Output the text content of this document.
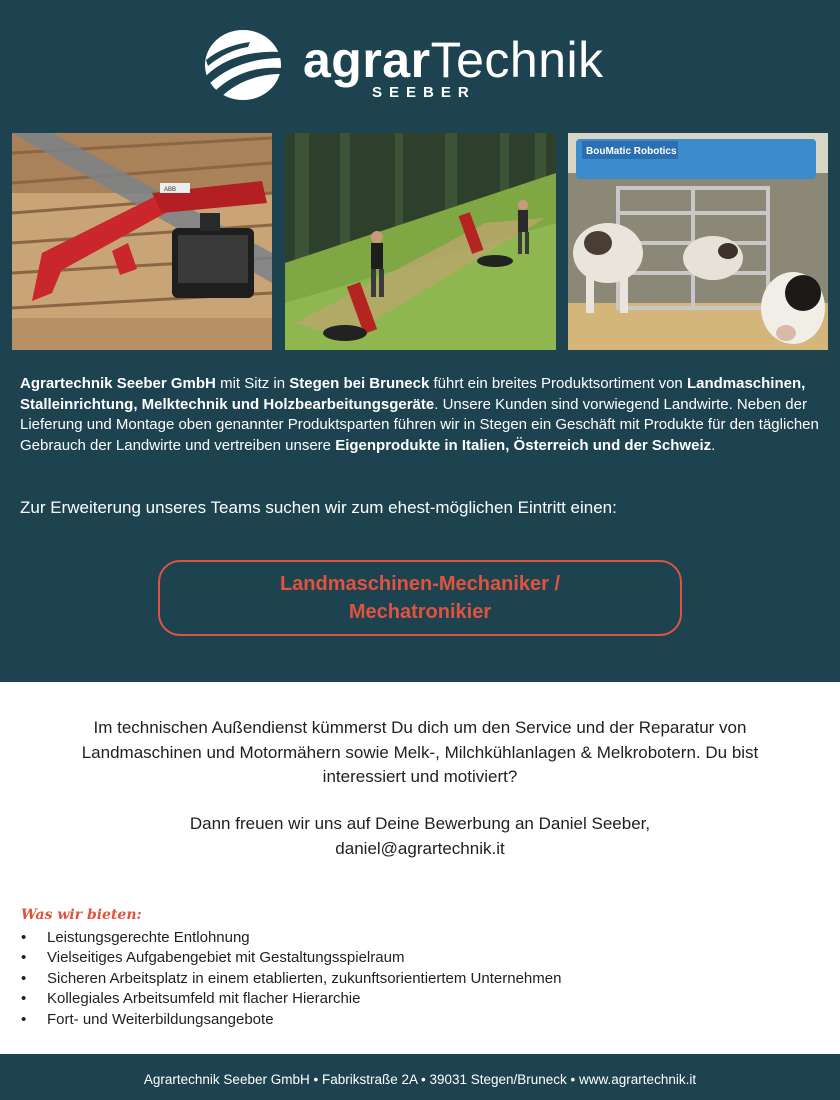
agrarTechnik
SEEBER
ABB
BouMatic Robotics

Agrartechnik Seeber GmbH mit Sitz in Stegen bei Bruneck führt ein breites Produktsortiment von Landmaschinen, Stalleinrichtung, Melktechnik und Holzbearbeitungsgeräte. Unsere Kunden sind vorwiegend Landwirte. Neben der Lieferung und Montage oben genannter Produktsparten führen wir in Stegen ein Geschäft mit Produkte für den täglichen Gebrauch der Landwirte und vertreiben unsere Eigenprodukte in Italien, Österreich und der Schweiz.

Zur Erweiterung unseres Teams suchen wir zum ehest-möglichen Eintritt einen:

Landmaschinen-Mechaniker /
Mechatronikier

Im technischen Außendienst kümmerst Du dich um den Service und der Reparatur von Landmaschinen und Motormähern sowie Melk-, Milchkühlanlagen & Melkrobotern. Du bist interessiert und motiviert?

Dann freuen wir uns auf Deine Bewerbung an Daniel Seeber,
daniel@agrartechnik.it
Was wir bieten:
• Leistungsgerechte Entlohnung
• Vielseitiges Aufgabengebiet mit Gestaltungsspielraum
• Sicheren Arbeitsplatz in einem etablierten, zukunftsorientiertem Unternehmen
• Kollegiales Arbeitsumfeld mit flacher Hierarchie
• Fort- und Weiterbildungsangebote
Agrartechnik Seeber GmbH • Fabrikstraße 2A • 39031 Stegen/Bruneck • www.agrartechnik.it
